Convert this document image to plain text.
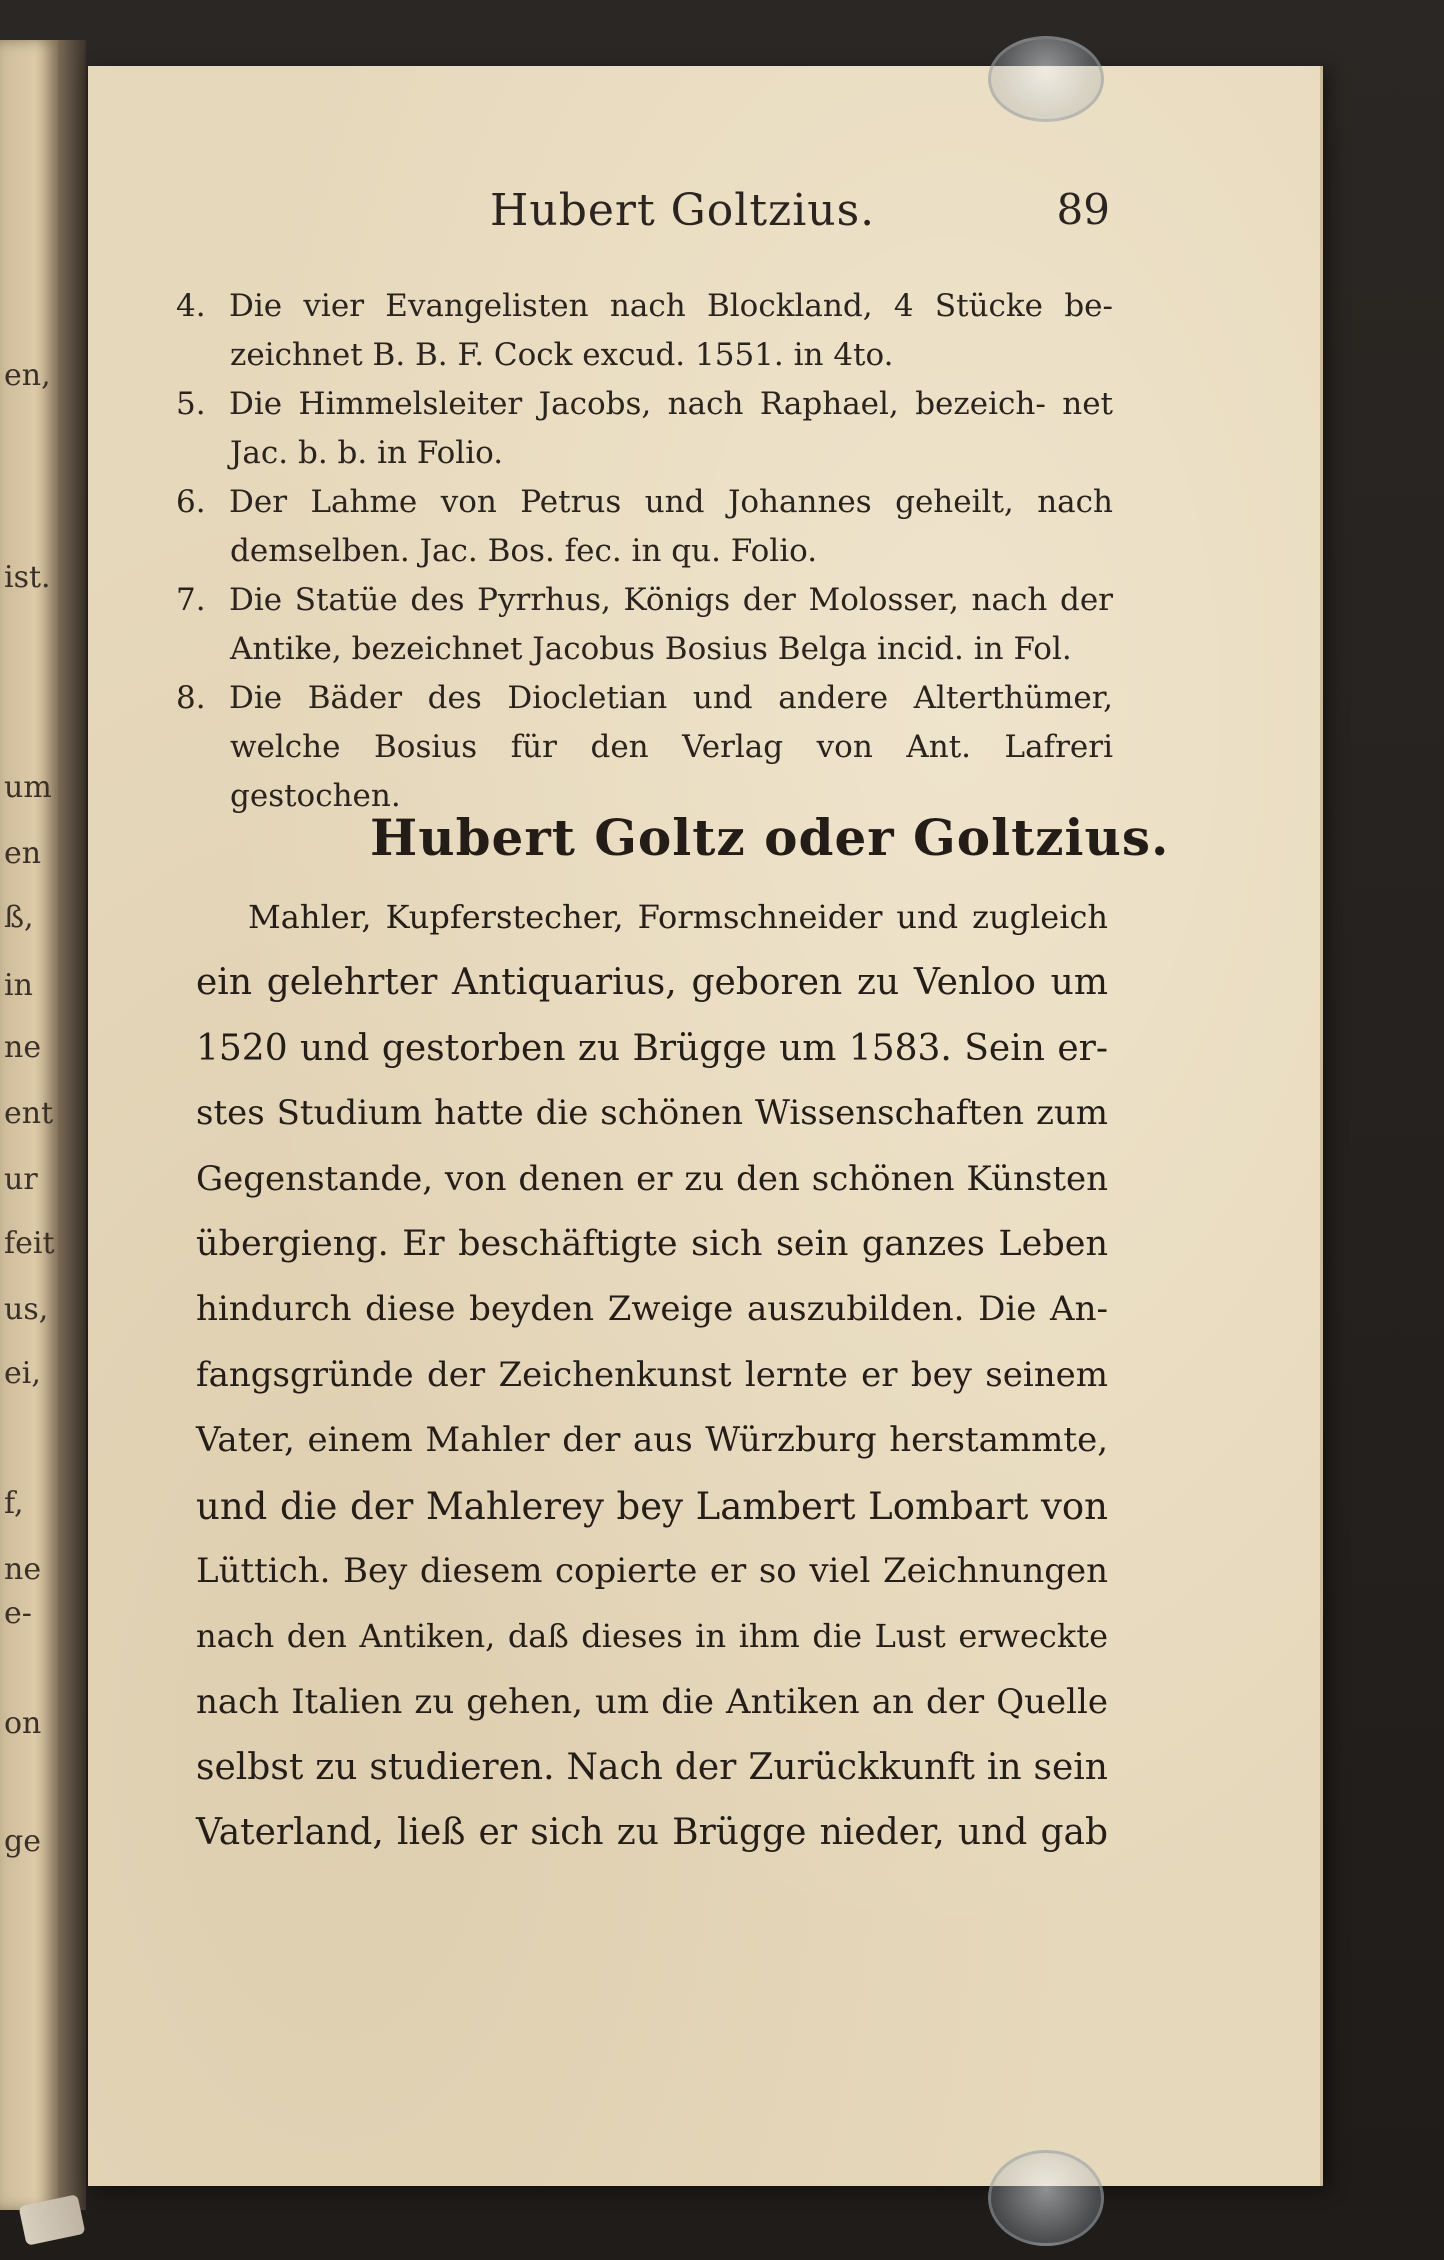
en,
ist.
um
en
ß,
in
ne
ent
ur
feit
us,
ei,
f,
ne
e-
on
ge
Hubert Goltzius.	89

4. Die vier Evangelisten nach Blockland, 4 Stücke be- zeichnet B. B. F. Cock excud. 1551. in 4to.

5. Die Himmelsleiter Jacobs, nach Raphael, bezeich- net Jac. b. b. in Folio.

6. Der Lahme von Petrus und Johannes geheilt, nach demselben. Jac. Bos. fec. in qu. Folio.

7. Die Statüe des Pyrrhus, Königs der Molosser, nach der Antike, bezeichnet Jacobus Bosius Belga incid. in Fol.

8. Die Bäder des Diocletian und andere Alterthümer, welche Bosius für den Verlag von Ant. Lafreri gestochen.

Hubert Goltz oder Goltzius.
Mahler, Kupferstecher, Formschneider und zugleich
ein gelehrter Antiquarius, geboren zu Venloo um
1520 und gestorben zu Brügge um 1583. Sein er-
stes Studium hatte die schönen Wissenschaften zum
Gegenstande, von denen er zu den schönen Künsten
übergieng. Er beschäftigte sich sein ganzes Leben
hindurch diese beyden Zweige auszubilden. Die An-
fangsgründe der Zeichenkunst lernte er bey seinem
Vater, einem Mahler der aus Würzburg herstammte,
und die der Mahlerey bey Lambert Lombart von
Lüttich. Bey diesem copierte er so viel Zeichnungen
nach den Antiken, daß dieses in ihm die Lust erweckte
nach Italien zu gehen, um die Antiken an der Quelle
selbst zu studieren. Nach der Zurückkunft in sein
Vaterland, ließ er sich zu Brügge nieder, und gab
